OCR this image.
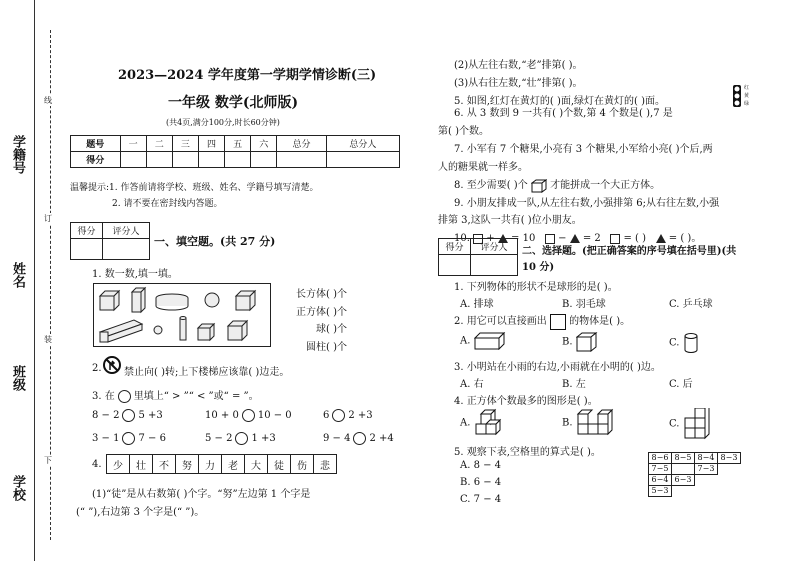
学籍号
姓名
班级
学校
线
订
装
下
2023—2024 学年度第一学期学情诊断(三)
一年级 数学(北师版)
(共4页,满分100分,时长60分钟)
题号	一	二	三	四	五	六	总分	总分人
得分								
温馨提示:1. 作答前请将学校、班级、姓名、学籍号填写清楚。
2. 请不要在密封线内答题。
得分	评分人

一、填空题。(共 27 分)
1. 数一数,填一填。
长方体( )个
正方体( )个
球( )个
圆柱( )个
2. 禁止向( )转;上下楼梯应该靠( )边走。
3. 在 里填上“ > ”“ < ”或“ = ”。
8 − 2 5 +3	10 + 0 10 − 0	6 2 +3
3 − 1 7 − 6	5 − 2 1 +3	9 − 4 2 +4
4. 少	壮	不	努	力	老	大	徒	伤	悲
(1)“徒”是从右数第( )个字。“努”左边第 1 个字是
(“ ”),右边第 3 个字是(“ ”)。
(2)从左往右数,“老”排第( )。
(3)从右往左数,“壮”排第( )。
5. 如图,红灯在黄灯的( )面,绿灯在黄灯的( )面。
红
黄
绿
6. 从 3 数到 9 一共有( )个数,第 4 个数是( ),7 是
第( )个数。
7. 小军有 7 个糖果,小亮有 3 个糖果,小军给小亮( )个后,两
人的糖果就一样多。
8. 至少需要( )个 才能拼成一个大正方体。
9. 小朋友排成一队,从左往右数,小强排第 6;从右往左数,小强
排第 3,这队一共有( )位小朋友。
10. + = 10 − = 2 = ( ) = ( )。
得分	评分人
	二、选择题。(把正确答案的序号填在括号里)(共
10 分)
1. 下列物体的形状不是球形的是( )。
A. 排球	B. 羽毛球	C. 乒乓球
2. 用它可以直接画出 的物体是( )。
A.	B.	C.
3. 小明站在小雨的右边,小雨就在小明的( )边。
A. 右	B. 左	C. 后
4. 正方体个数最多的图形是( )。
A.	B.	C.
5. 观察下表,空格里的算式是( )。
A. 8 − 4
B. 6 − 4
C. 7 − 4
8−6 8−5 8−4 8−3
7−5	7−3
6−4 6−3
5−3
